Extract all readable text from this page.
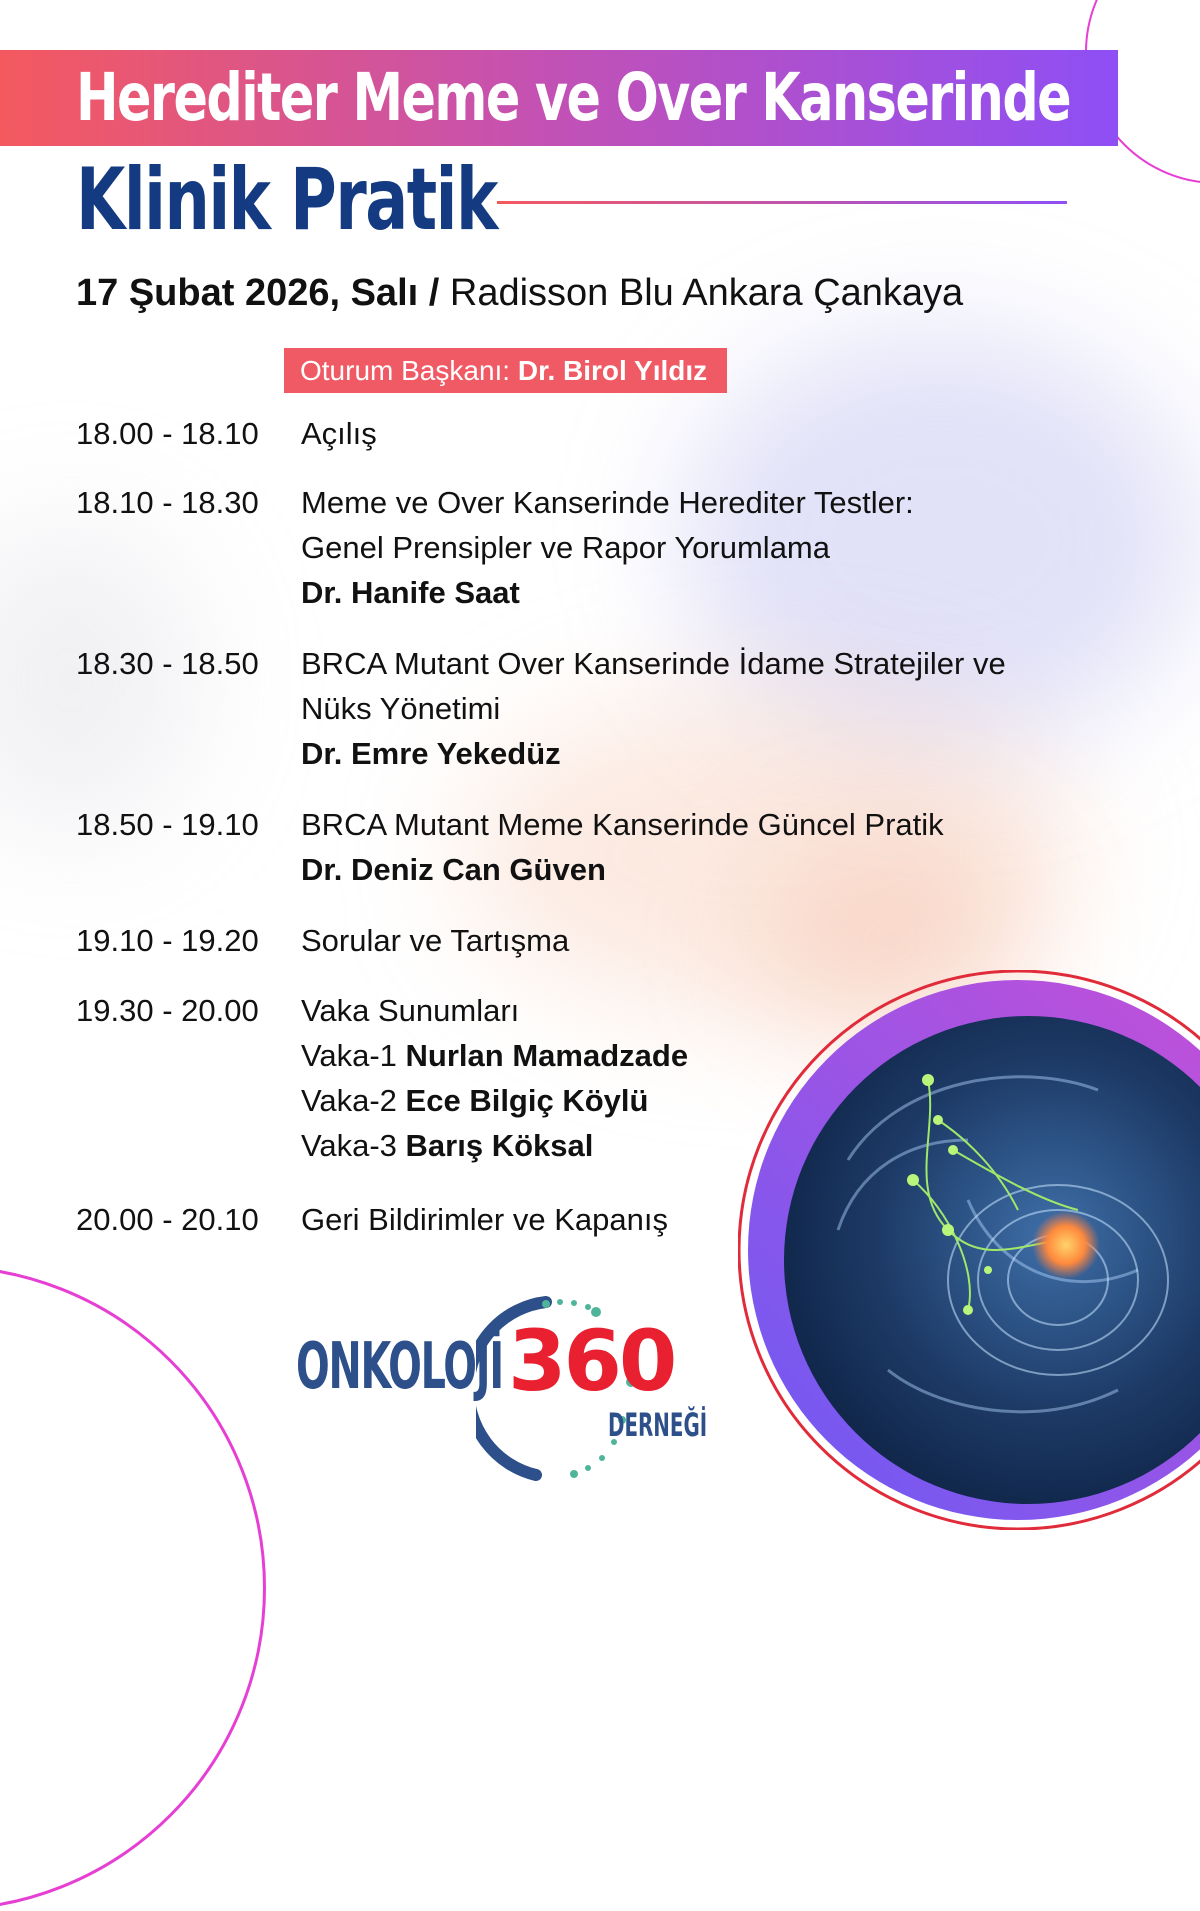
Herediter Meme ve Over Kanserinde
Klinik Pratik
17 Şubat 2026, Salı / Radisson Blu Ankara Çankaya
Oturum Başkanı: Dr. Birol Yıldız
18.00 - 18.10	Açılış
18.10 - 18.30	Meme ve Over Kanserinde Herediter Testler:
Genel Prensipler ve Rapor Yorumlama
Dr. Hanife Saat
18.30 - 18.50	BRCA Mutant Over Kanserinde İdame Stratejiler ve
Nüks Yönetimi
Dr. Emre Yekedüz
18.50 - 19.10	BRCA Mutant Meme Kanserinde Güncel Pratik
Dr. Deniz Can Güven
19.10 - 19.20	Sorular ve Tartışma
19.30 - 20.00	Vaka Sunumları
Vaka-1 Nurlan Mamadzade
Vaka-2 Ece Bilgiç Köylü
Vaka-3 Barış Köksal
20.00 - 20.10	Geri Bildirimler ve Kapanış
ONKOLOJİ 360
DERNEĞİ
